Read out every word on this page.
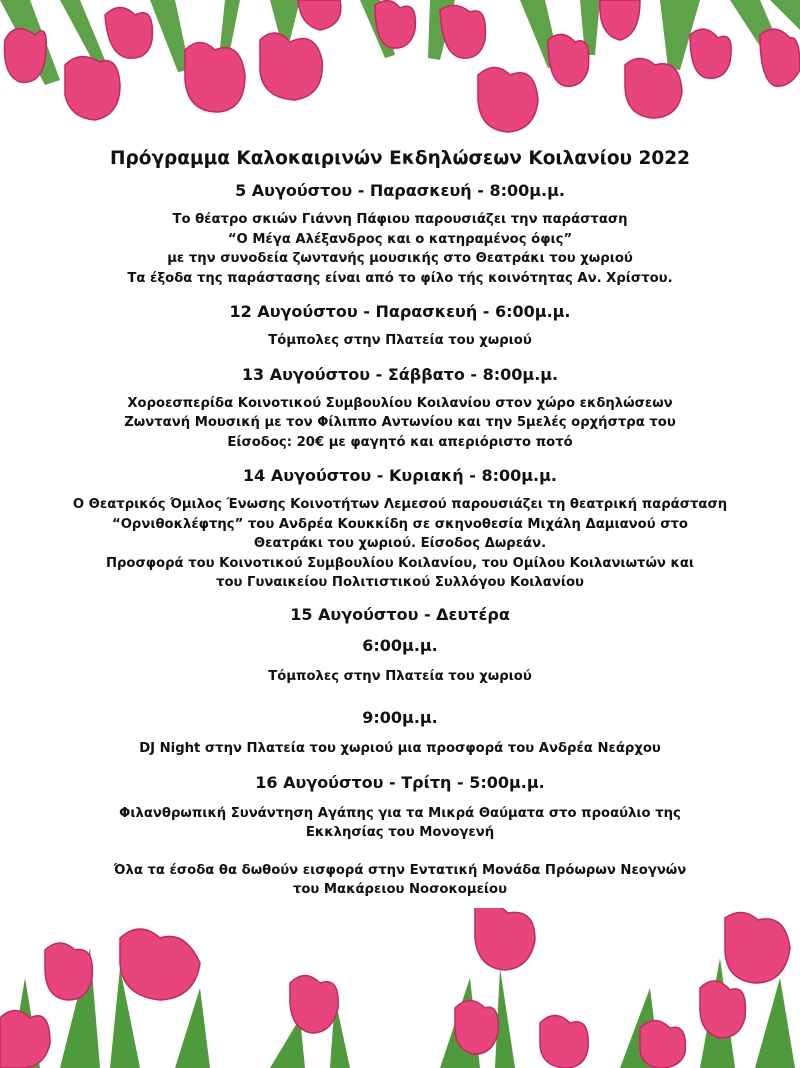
Πρόγραμμα Καλοκαιρινών Εκδηλώσεων Κοιλανίου 2022
5 Αυγούστου - Παρασκευή - 8:00μ.μ.
Το θέατρο σκιών Γιάννη Πάφιου παρουσιάζει την παράσταση
“Ο Μέγα Αλέξανδρος και ο κατηραμένος όφις”
με την συνοδεία ζωντανής μουσικής στο Θεατράκι του χωριού
Τα έξοδα της παράστασης είναι από το φίλο τής κοινότητας Αν. Χρίστου.
12 Αυγούστου - Παρασκευή - 6:00μ.μ.
Τόμπολες στην Πλατεία του χωριού
13 Αυγούστου - Σάββατο - 8:00μ.μ.
Χοροεσπερίδα Κοινοτικού Συμβουλίου Κοιλανίου στον χώρο εκδηλώσεων
Ζωντανή Μουσική με τον Φίλιππο Αντωνίου και την 5μελές ορχήστρα του
Είσοδος: 20€ με φαγητό και απεριόριστο ποτό
14 Αυγούστου - Κυριακή - 8:00μ.μ.
Ο Θεατρικός Όμιλος Ένωσης Κοινοτήτων Λεμεσού παρουσιάζει τη θεατρική παράσταση
“Ορνιθοκλέφτης” του Ανδρέα Κουκκίδη σε σκηνοθεσία Μιχάλη Δαμιανού στο
Θεατράκι του χωριού. Είσοδος Δωρεάν.
Προσφορά του Κοινοτικού Συμβουλίου Κοιλανίου, του Ομίλου Κοιλανιωτών και
του Γυναικείου Πολιτιστικού Συλλόγου Κοιλανίου
15 Αυγούστου - Δευτέρα
6:00μ.μ.
Τόμπολες στην Πλατεία του χωριού
9:00μ.μ.
DJ Night στην Πλατεία του χωριού μια προσφορά του Ανδρέα Νεάρχου
16 Αυγούστου - Τρίτη - 5:00μ.μ.
Φιλανθρωπική Συνάντηση Αγάπης για τα Μικρά Θαύματα στο προαύλιο της
Εκκλησίας του Μονογενή
Όλα τα έσοδα θα δωθούν εισφορά στην Εντατική Μονάδα Πρόωρων Νεογνών
του Μακάρειου Νοσοκομείου
